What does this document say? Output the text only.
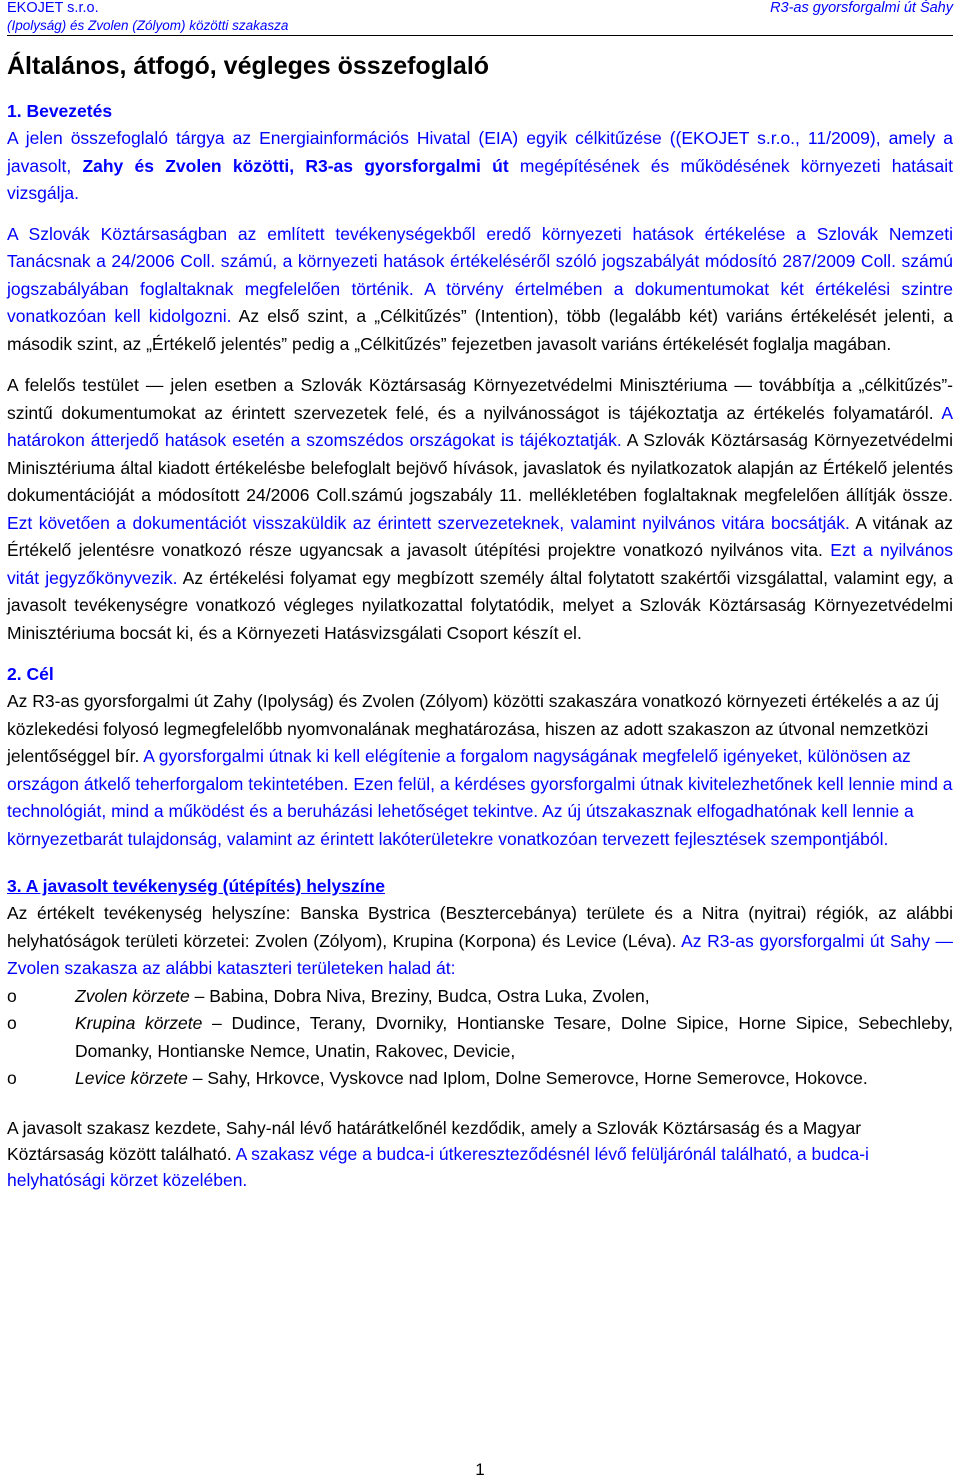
EKOJET s.r.o.
(Ipolyság) és Zvolen (Zólyom) közötti szakasza
R3-as gyorsforgalmi út Šahy
Általános, átfogó, végleges összefoglaló
1. Bevezetés

A jelen összefoglaló tárgya az Energiainformációs Hivatal (EIA) egyik célkitűzése ((EKOJET s.r.o., 11/2009), amely a javasolt, Zahy és Zvolen közötti, R3-as gyorsforgalmi út megépítésének és működésének környezeti hatásait vizsgálja.

A Szlovák Köztársaságban az említett tevékenységekből eredő környezeti hatások értékelése a Szlovák Nemzeti Tanácsnak a 24/2006 Coll. számú, a környezeti hatások értékeléséről szóló jogszabályát módosító 287/2009 Coll. számú jogszabályában foglaltaknak megfelelően történik. A törvény értelmében a dokumentumokat két értékelési szintre vonatkozóan kell kidolgozni. Az első szint, a „Célkitűzés” (Intention), több (legalább két) variáns értékelését jelenti, a második szint, az „Értékelő jelentés” pedig a „Célkitűzés” fejezetben javasolt variáns értékelését foglalja magában.

A felelős testület — jelen esetben a Szlovák Köztársaság Környezetvédelmi Minisztériuma — továbbítja a „célkitűzés”-szintű dokumentumokat az érintett szervezetek felé, és a nyilvánosságot is tájékoztatja az értékelés folyamatáról. A határokon átterjedő hatások esetén a szomszédos országokat is tájékoztatják. A Szlovák Köztársaság Környezetvédelmi Minisztériuma által kiadott értékelésbe belefoglalt bejövő hívások, javaslatok és nyilatkozatok alapján az Értékelő jelentés dokumentációját a módosított 24/2006 Coll.számú jogszabály 11. mellékletében foglaltaknak megfelelően állítják össze. Ezt követően a dokumentációt visszaküldik az érintett szervezeteknek, valamint nyilvános vitára bocsátják. A vitának az Értékelő jelentésre vonatkozó része ugyancsak a javasolt útépítési projektre vonatkozó nyilvános vita. Ezt a nyilvános vitát jegyzőkönyvezik. Az értékelési folyamat egy megbízott személy által folytatott szakértői vizsgálattal, valamint egy, a javasolt tevékenységre vonatkozó végleges nyilatkozattal folytatódik, melyet a Szlovák Köztársaság Környezetvédelmi Minisztériuma bocsát ki, és a Környezeti Hatásvizsgálati Csoport készít el.

2. Cél

Az R3-as gyorsforgalmi út Zahy (Ipolyság) és Zvolen (Zólyom) közötti szakaszára vonatkozó környezeti értékelés a az új közlekedési folyosó legmegfelelőbb nyomvonalának meghatározása, hiszen az adott szakaszon az útvonal nemzetközi jelentőséggel bír. A gyorsforgalmi útnak ki kell elégítenie a forgalom nagyságának megfelelő igényeket, különösen az országon átkelő teherforgalom tekintetében. Ezen felül, a kérdéses gyorsforgalmi útnak kivitelezhetőnek kell lennie mind a technológiát, mind a működést és a beruházási lehetőséget tekintve. Az új útszakasznak elfogadhatónak kell lennie a környezetbarát tulajdonság, valamint az érintett lakóterületekre vonatkozóan tervezett fejlesztések szempontjából.

3. A javasolt tevékenység (útépítés) helyszíne

Az értékelt tevékenység helyszíne: Banska Bystrica (Besztercebánya) területe és a Nitra (nyitrai) régiók, az alábbi helyhatóságok területi körzetei: Zvolen (Zólyom), Krupina (Korpona) és Levice (Léva). Az R3-as gyorsforgalmi út Sahy —Zvolen szakasza az alábbi kataszteri területeken halad át:

o	Zvolen körzete – Babina, Dobra Niva, Breziny, Budca, Ostra Luka, Zvolen,
o	Krupina körzete – Dudince, Terany, Dvorniky, Hontianske Tesare, Dolne Sipice, Horne Sipice, Sebechleby, Domanky, Hontianske Nemce, Unatin, Rakovec, Devicie,
o	Levice körzete – Sahy, Hrkovce, Vyskovce nad Iplom, Dolne Semerovce, Horne Semerovce, Hokovce.

A javasolt szakasz kezdete, Sahy-nál lévő határátkelőnél kezdődik, amely a Szlovák Köztársaság és a Magyar Köztársaság között található. A szakasz vége a budca-i útkereszteződésnél lévő felüljárónál található, a budca-i helyhatósági körzet közelében.

1
